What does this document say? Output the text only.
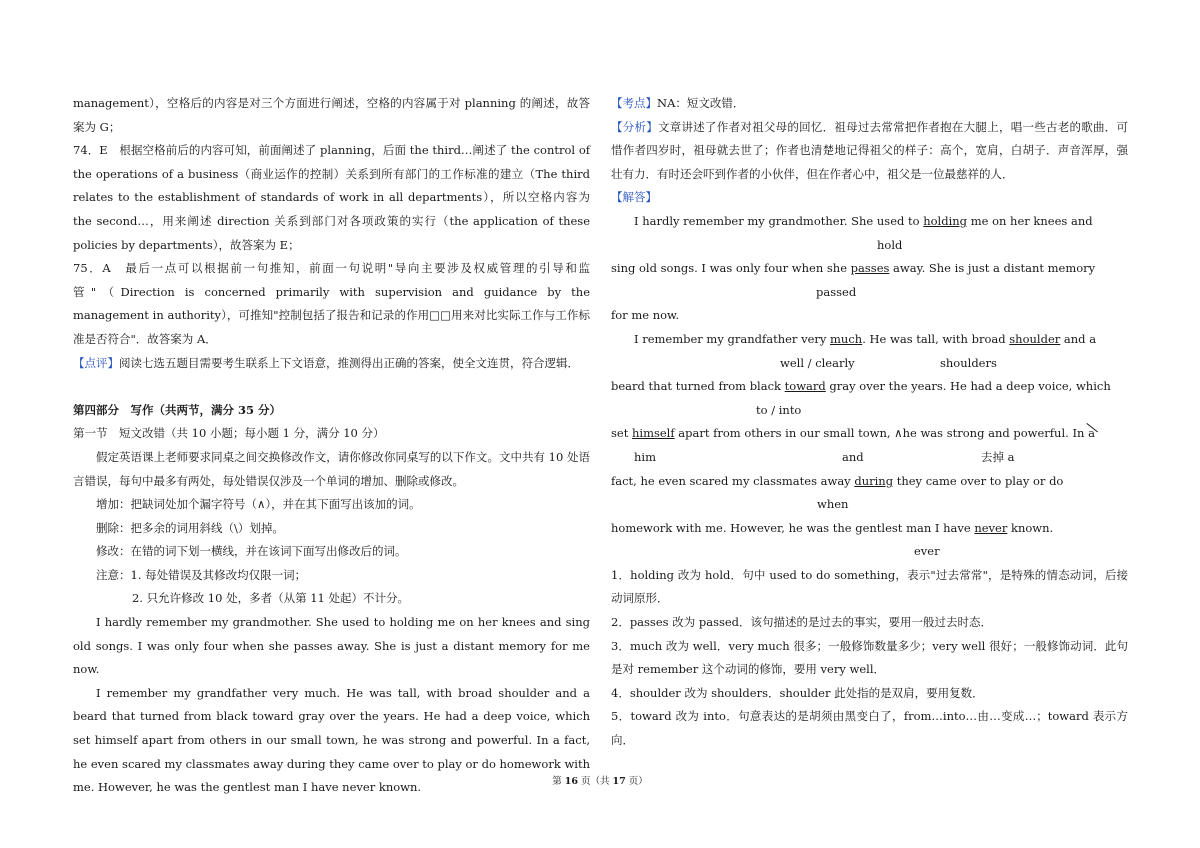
management），空格后的内容是对三个方面进行阐述，空格的内容属于对 planning 的阐述，故答案为 G；

74．E　根据空格前后的内容可知，前面阐述了 planning，后面 the third…阐述了 the control of the operations of a business（商业运作的控制）关系到所有部门的工作标准的建立（The third relates to the establishment of standards of work in all departments），所以空格内容为 the second…，用来阐述 direction 关系到部门对各项政策的实行（the application of these policies by departments），故答案为 E；

75．A　最后一点可以根据前一句推知，前面一句说明"导向主要涉及权威管理的引导和监管"（Direction is concerned primarily with supervision and guidance by the management in authority），可推知"控制包括了报告和记录的作用□□用来对比实际工作与工作标准是否符合"．故答案为 A．

【点评】阅读七选五题目需要考生联系上下文语意，推测得出正确的答案，使全文连贯，符合逻辑．

第四部分　写作（共两节，满分 35 分）

第一节　短文改错（共 10 小题；每小题 1 分，满分 10 分）

假定英语课上老师要求同桌之间交换修改作文，请你修改你同桌写的以下作文。文中共有 10 处语言错误，每句中最多有两处，每处错误仅涉及一个单词的增加、删除或修改。

增加：把缺词处加个漏字符号（∧），并在其下面写出该加的词。

删除：把多余的词用斜线（\）划掉。

修改：在错的词下划一横线，并在该词下面写出修改后的词。

注意：1. 每处错误及其修改均仅限一词；

2. 只允许修改 10 处，多者（从第 11 处起）不计分。

I hardly remember my grandmother. She used to holding me on her knees and sing old songs. I was only four when she passes away. She is just a distant memory for me now.

I remember my grandfather very much. He was tall, with broad shoulder and a beard that turned from black toward gray over the years. He had a deep voice, which set himself apart from others in our small town, he was strong and powerful. In a fact, he even scared my classmates away during they came over to play or do homework with me. However, he was the gentlest man I have never known.

【考点】NA：短文改错．

【分析】文章讲述了作者对祖父母的回忆．祖母过去常常把作者抱在大腿上，唱一些古老的歌曲．可惜作者四岁时，祖母就去世了；作者也清楚地记得祖父的样子：高个，宽肩，白胡子．声音浑厚，强壮有力．有时还会吓到作者的小伙伴，但在作者心中，祖父是一位最慈祥的人．

【解答】

I hardly remember my grandmother. She used to holding me on her knees and

hold

sing old songs. I was only four when she passes away. She is just a distant memory

passed

for me now.

I remember my grandfather very much. He was tall, with broad shoulder and a

well / clearly	shoulders

beard that turned from black toward gray over the years. He had a deep voice, which

to / into

set himself apart from others in our small town, ∧he was strong and powerful. In a

him	and	去掉 a

fact, he even scared my classmates away during they came over to play or do

when

homework with me. However, he was the gentlest man I have never known.

ever

1．holding 改为 hold．句中 used to do something，表示"过去常常"，是特殊的情态动词，后接动词原形．

2．passes 改为 passed．该句描述的是过去的事实，要用一般过去时态．

3．much 改为 well．very much 很多；一般修饰数量多少；very well 很好；一般修饰动词．此句是对 remember 这个动词的修饰，要用 very well．

4．shoulder 改为 shoulders．shoulder 此处指的是双肩，要用复数．

5．toward 改为 into．句意表达的是胡须由黑变白了，from…into…由…变成…；toward 表示方向．

第 16 页（共 17 页）
